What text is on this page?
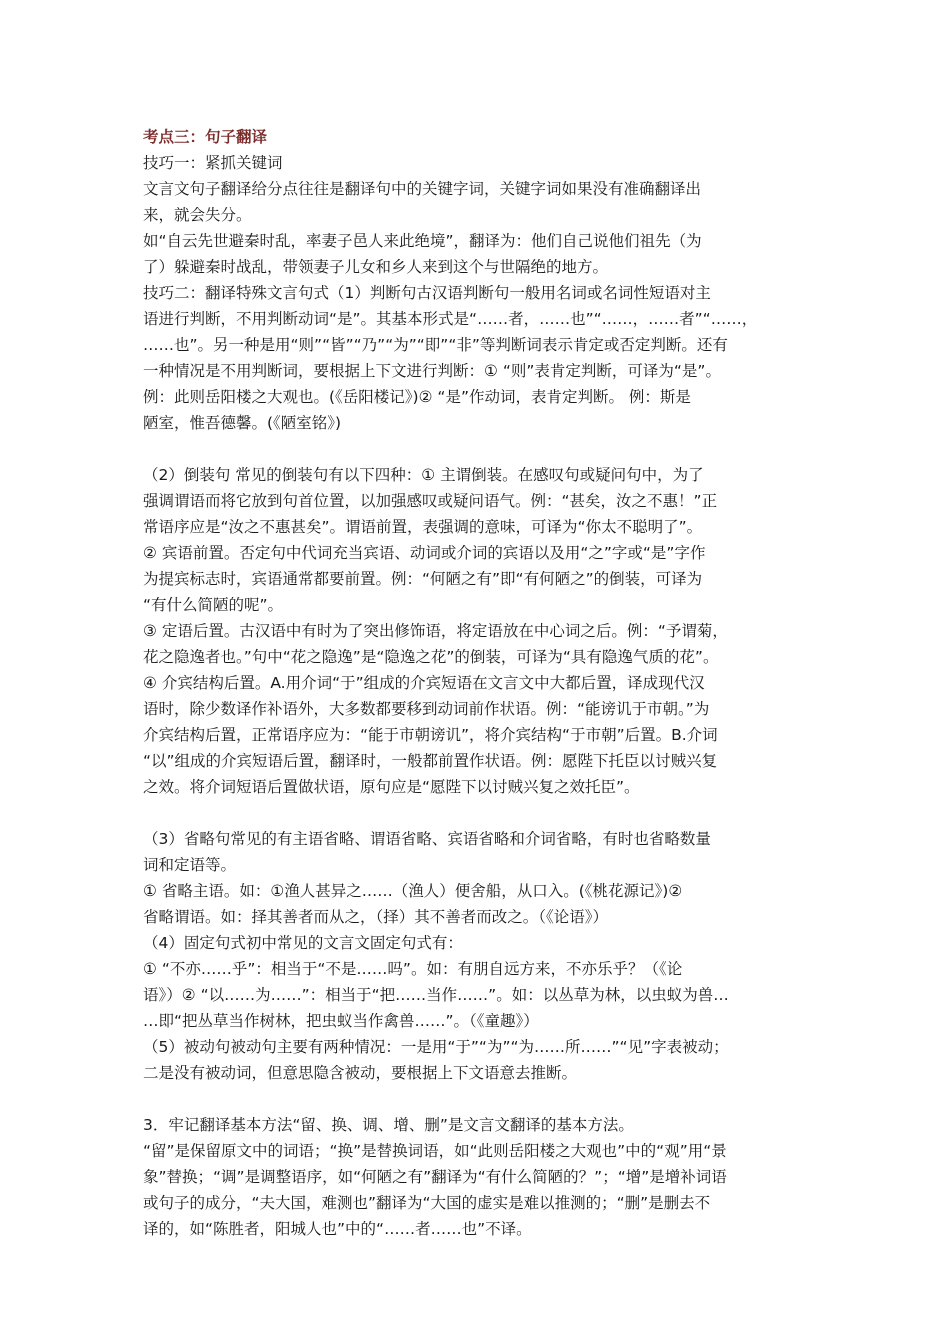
考点三：句子翻译
技巧一：紧抓关键词
文言文句子翻译给分点往往是翻译句中的关键字词，关键字词如果没有准确翻译出
来，就会失分。
如“自云先世避秦时乱，率妻子邑人来此绝境”，翻译为：他们自己说他们祖先（为
了）躲避秦时战乱，带领妻子儿女和乡人来到这个与世隔绝的地方。
技巧二：翻译特殊文言句式（1）判断句古汉语判断句一般用名词或名词性短语对主
语进行判断，不用判断动词“是”。其基本形式是“……者，……也”“……，……者”“……，
……也”。另一种是用“则”“皆”“乃”“为”“即”“非”等判断词表示肯定或否定判断。还有
一种情况是不用判断词，要根据上下文进行判断：① “则”表肯定判断，可译为“是”。
例：此则岳阳楼之大观也。(《岳阳楼记》)② “是”作动词，表肯定判断。 例：斯是
陋室，惟吾德馨。(《陋室铭》)
（2）倒装句 常见的倒装句有以下四种：① 主谓倒装。在感叹句或疑问句中，为了
强调谓语而将它放到句首位置，以加强感叹或疑问语气。例：“甚矣，汝之不惠！”正
常语序应是“汝之不惠甚矣”。谓语前置，表强调的意味，可译为“你太不聪明了”。
② 宾语前置。否定句中代词充当宾语、动词或介词的宾语以及用“之”字或“是”字作
为提宾标志时，宾语通常都要前置。例：“何陋之有”即“有何陋之”的倒装，可译为
“有什么简陋的呢”。
③ 定语后置。古汉语中有时为了突出修饰语，将定语放在中心词之后。例：“予谓菊，
花之隐逸者也。”句中“花之隐逸”是“隐逸之花”的倒装，可译为“具有隐逸气质的花”。
④ 介宾结构后置。A.用介词“于”组成的介宾短语在文言文中大都后置，译成现代汉
语时，除少数译作补语外，大多数都要移到动词前作状语。例：“能谤讥于市朝。”为
介宾结构后置，正常语序应为：“能于市朝谤讥”，将介宾结构“于市朝”后置。B.介词
“以”组成的介宾短语后置，翻译时，一般都前置作状语。例：愿陛下托臣以讨贼兴复
之效。将介词短语后置做状语，原句应是“愿陛下以讨贼兴复之效托臣”。
（3）省略句常见的有主语省略、谓语省略、宾语省略和介词省略，有时也省略数量
词和定语等。
① 省略主语。如：①渔人甚异之……（渔人）便舍船，从口入。(《桃花源记》)②
省略谓语。如：择其善者而从之，（择）其不善者而改之。（《论语》）
（4）固定句式初中常见的文言文固定句式有：
① “不亦……乎”：相当于“不是……吗”。如：有朋自远方来，不亦乐乎？（《论
语》）② “以……为……”：相当于“把……当作……”。如：以丛草为林，以虫蚁为兽…
…即“把丛草当作树林，把虫蚁当作禽兽……”。（《童趣》）
（5）被动句被动句主要有两种情况：一是用“于”“为”“为……所……”“见”字表被动；
二是没有被动词，但意思隐含被动，要根据上下文语意去推断。
3．牢记翻译基本方法“留、换、调、增、删”是文言文翻译的基本方法。
“留”是保留原文中的词语；“换”是替换词语，如“此则岳阳楼之大观也”中的“观”用“景
象”替换；“调”是调整语序，如“何陋之有”翻译为“有什么简陋的？”；“增”是增补词语
或句子的成分，“夫大国，难测也”翻译为“大国的虚实是难以推测的；“删”是删去不
译的，如“陈胜者，阳城人也”中的“……者……也”不译。
